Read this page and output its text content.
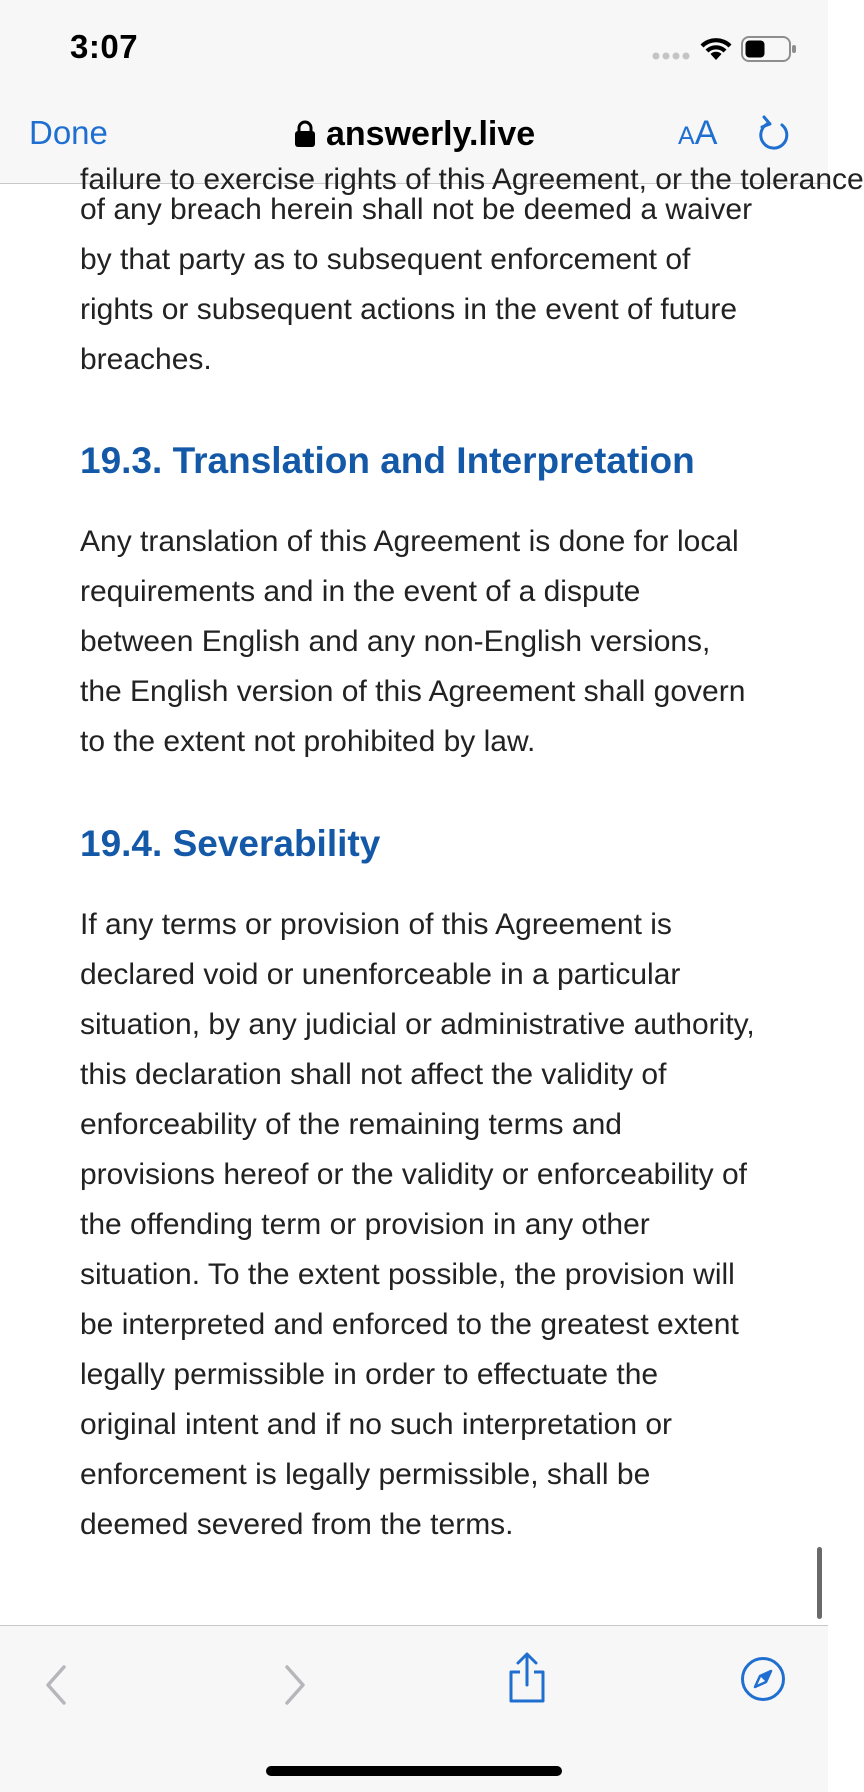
3:07
Done	answerly.live	AA
failure to exercise rights of this Agreement, or the tolerance

of any breach herein shall not be deemed a waiver by that party as to subsequent enforcement of rights or subsequent actions in the event of future breaches.

19.3. Translation and Interpretation

Any translation of this Agreement is done for local requirements and in the event of a dispute between English and any non-English versions, the English version of this Agreement shall govern to the extent not prohibited by law.

19.4. Severability

If any terms or provision of this Agreement is declared void or unenforceable in a particular situation, by any judicial or administrative authority, this declaration shall not affect the validity of enforceability of the remaining terms and provisions hereof or the validity or enforceability of the offending term or provision in any other situation. To the extent possible, the provision will be interpreted and enforced to the greatest extent legally permissible in order to effectuate the original intent and if no such interpretation or enforcement is legally permissible, shall be deemed severed from the terms.
